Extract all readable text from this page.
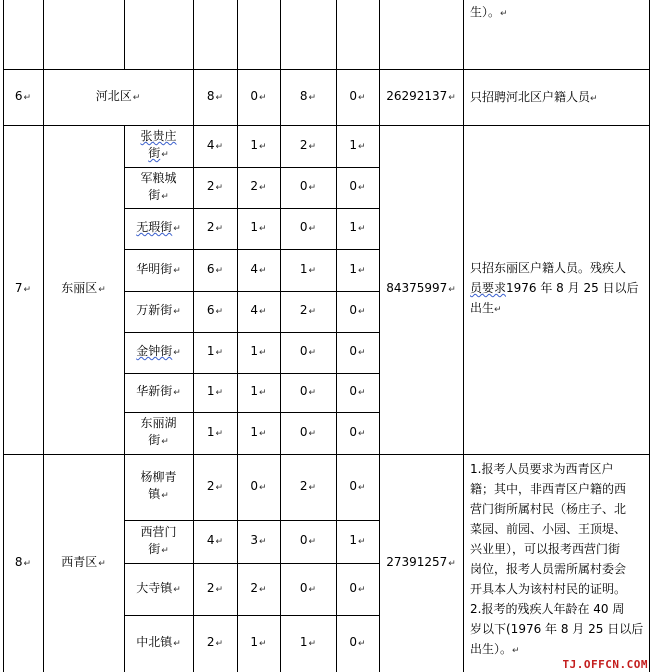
生）。↵
6↵	河北区↵	8↵ 0↵	8↵	0↵ 26292137↵ 只招聘河北区户籍人员↵
7↵	东丽区↵	84375997↵
张贵庄
街↵
4↵ 1↵	2↵	1↵
军粮城
街↵
2↵ 2↵	0↵	0↵
无瑕街↵ 2↵ 1↵	0↵	1↵
华明街↵ 6↵ 4↵	1↵	1↵
万新街↵ 6↵ 4↵	2↵	0↵
金钟街↵ 1↵ 1↵	0↵	0↵
华新街↵ 1↵ 1↵	0↵	0↵
东丽湖
街↵
1↵ 1↵	0↵	0↵
只招东丽区户籍人员。残疾人
员要求1976 年 8 月 25 日以后
出生↵
8↵	西青区↵	27391257↵
杨柳青
镇↵
2↵ 0↵	2↵	0↵
西营门
街↵
4↵ 3↵	0↵	1↵
大寺镇↵ 2↵ 2↵	0↵	0↵
中北镇↵ 2↵ 1↵	1↵	0↵
1.报考人员要求为西青区户
籍；其中，非西青区户籍的西
营门街所属村民（杨庄子、北
菜园、前园、小园、王顶堤、
兴业里），可以报考西营门街
岗位，报考人员需所属村委会
开具本人为该村村民的证明。
2.报考的残疾人年龄在 40 周
岁以下(1976 年 8 月 25 日以后
出生）。↵
TJ.OFFCN.COM
